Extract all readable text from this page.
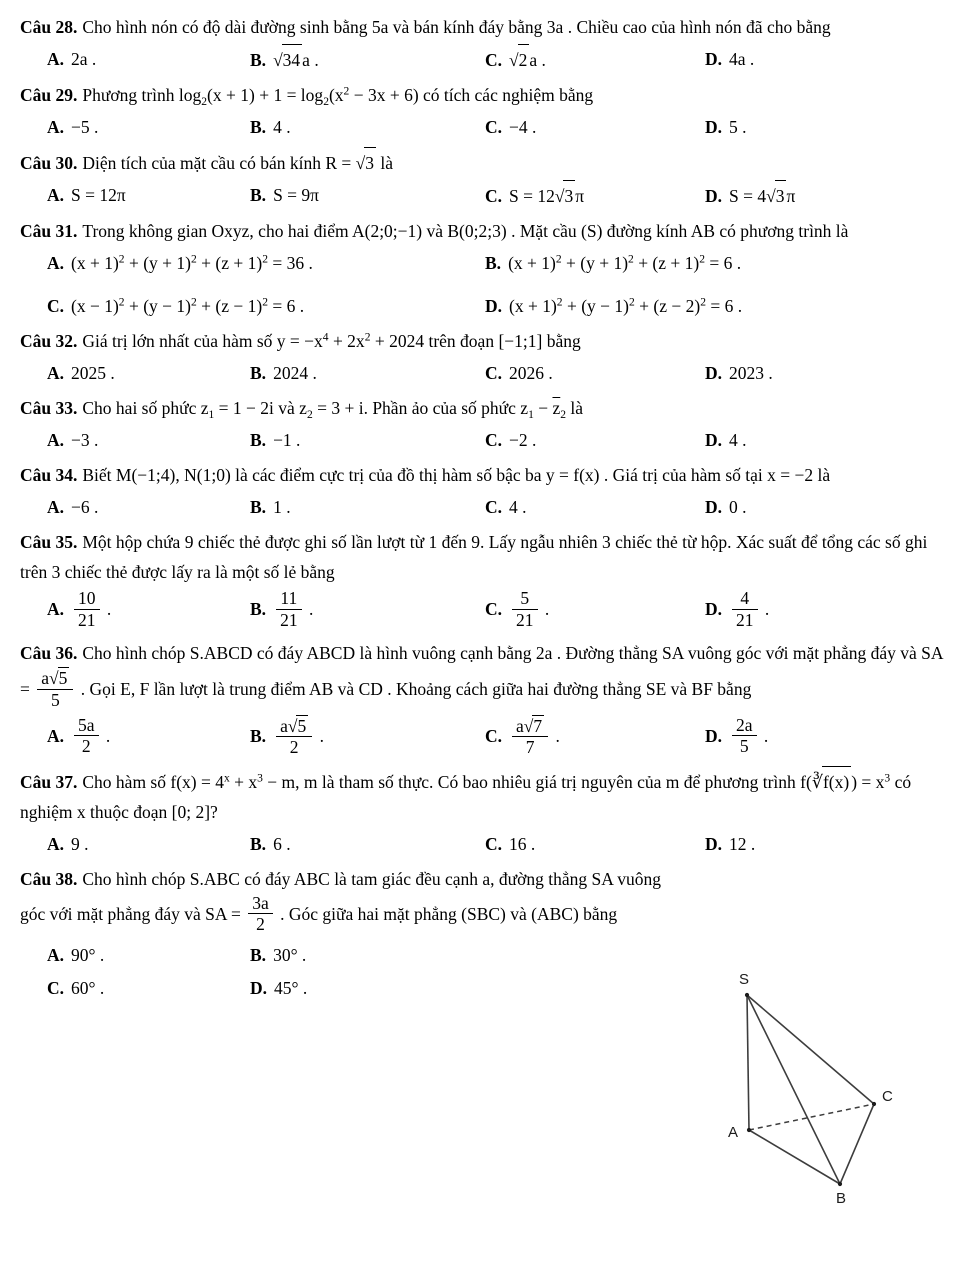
Câu 28. Cho hình nón có độ dài đường sinh bằng 5a và bán kính đáy bằng 3a . Chiều cao của hình nón đã cho bằng
A. 2a .	B. √34 a .	C. √2 a .	D. 4a .
Câu 29. Phương trình $\log_2(x + 1) + 1 = \log_2(x^2 - 3x + 6)$ có tích các nghiệm bằng
A. −5 .	B. 4 .	C. −4 .	D. 5 .
Câu 30. Diện tích của mặt cầu có bán kính R = √3 là
A. S = 12π	B. S = 9π	C. S = 12√3 π	D. S = 4√3 π
Câu 31. Trong không gian Oxyz, cho hai điểm A(2;0;−1) và B(0;2;3) . Mặt cầu (S) đường kính AB có phương trình là
A. $(x + 1)^2 + (y + 1)^2 + (z + 1)^2 = 36$ .	B. $(x + 1)^2 + (y + 1)^2 + (z + 1)^2 = 6$ .
C. $(x - 1)^2 + (y - 1)^2 + (z - 1)^2 = 6$ .	D. $(x + 1)^2 + (y - 1)^2 + (z - 2)^2 = 6$ .
Câu 32. Giá trị lớn nhất của hàm số $y = -x^4 + 2x^2 + 2024$ trên đoạn [−1;1] bằng
A. 2025 .	B. 2024 .	C. 2026 .	D. 2023 .
Câu 33. Cho hai số phức $z_1 = 1 - 2i$ và $z_2 = 3 + i$. Phần ảo của số phức $z_1 - \overline{z}_2$ là
A. −3 .	B. −1 .	C. −2 .	D. 4 .
Câu 34. Biết M(−1;4), N(1;0) là các điểm cực trị của đồ thị hàm số bậc ba y = f(x) . Giá trị của hàm số tại x = −2 là
A. −6 .	B. 1 .	C. 4 .	D. 0 .
Câu 35. Một hộp chứa 9 chiếc thẻ được ghi số lần lượt từ 1 đến 9. Lấy ngẫu nhiên 3 chiếc thẻ từ hộp. Xác suất để tổng các số ghi trên 3 chiếc thẻ được lấy ra là một số lẻ bằng
A. $\frac{10}{21}$ .	B. $\frac{11}{21}$ .	C. $\frac{5}{21}$ .	D. $\frac{4}{21}$ .
Câu 36. Cho hình chóp S.ABCD có đáy ABCD là hình vuông cạnh bằng 2a . Đường thẳng SA vuông góc với mặt phẳng đáy và SA = $\frac{a√5}{5}$ . Gọi E, F lần lượt là trung điểm AB và CD . Khoảng cách giữa hai đường thẳng SE và BF bằng
A. $\frac{5a}{2}$ .	B. $\frac{a√5}{2}$ .	C. $\frac{a√7}{7}$ .	D. $\frac{2a}{5}$ .
Câu 37. Cho hàm số $f(x) = 4^x + x^3 - m$, m là tham số thực. Có bao nhiêu giá trị nguyên của m để phương trình f(∛f(x) ) = $x^3$ có nghiệm x thuộc đoạn [0; 2]?
A. 9 .	B. 6 .	C. 16 .	D. 12 .
Câu 38. Cho hình chóp S.ABC có đáy ABC là tam giác đều cạnh a, đường thẳng SA vuông góc với mặt phẳng đáy và SA = $\frac{3a}{2}$ . Góc giữa hai mặt phẳng (SBC) và (ABC) bằng
A. 90° .	B. 30° .
C. 60° .	D. 45° .	S
A
C
B
